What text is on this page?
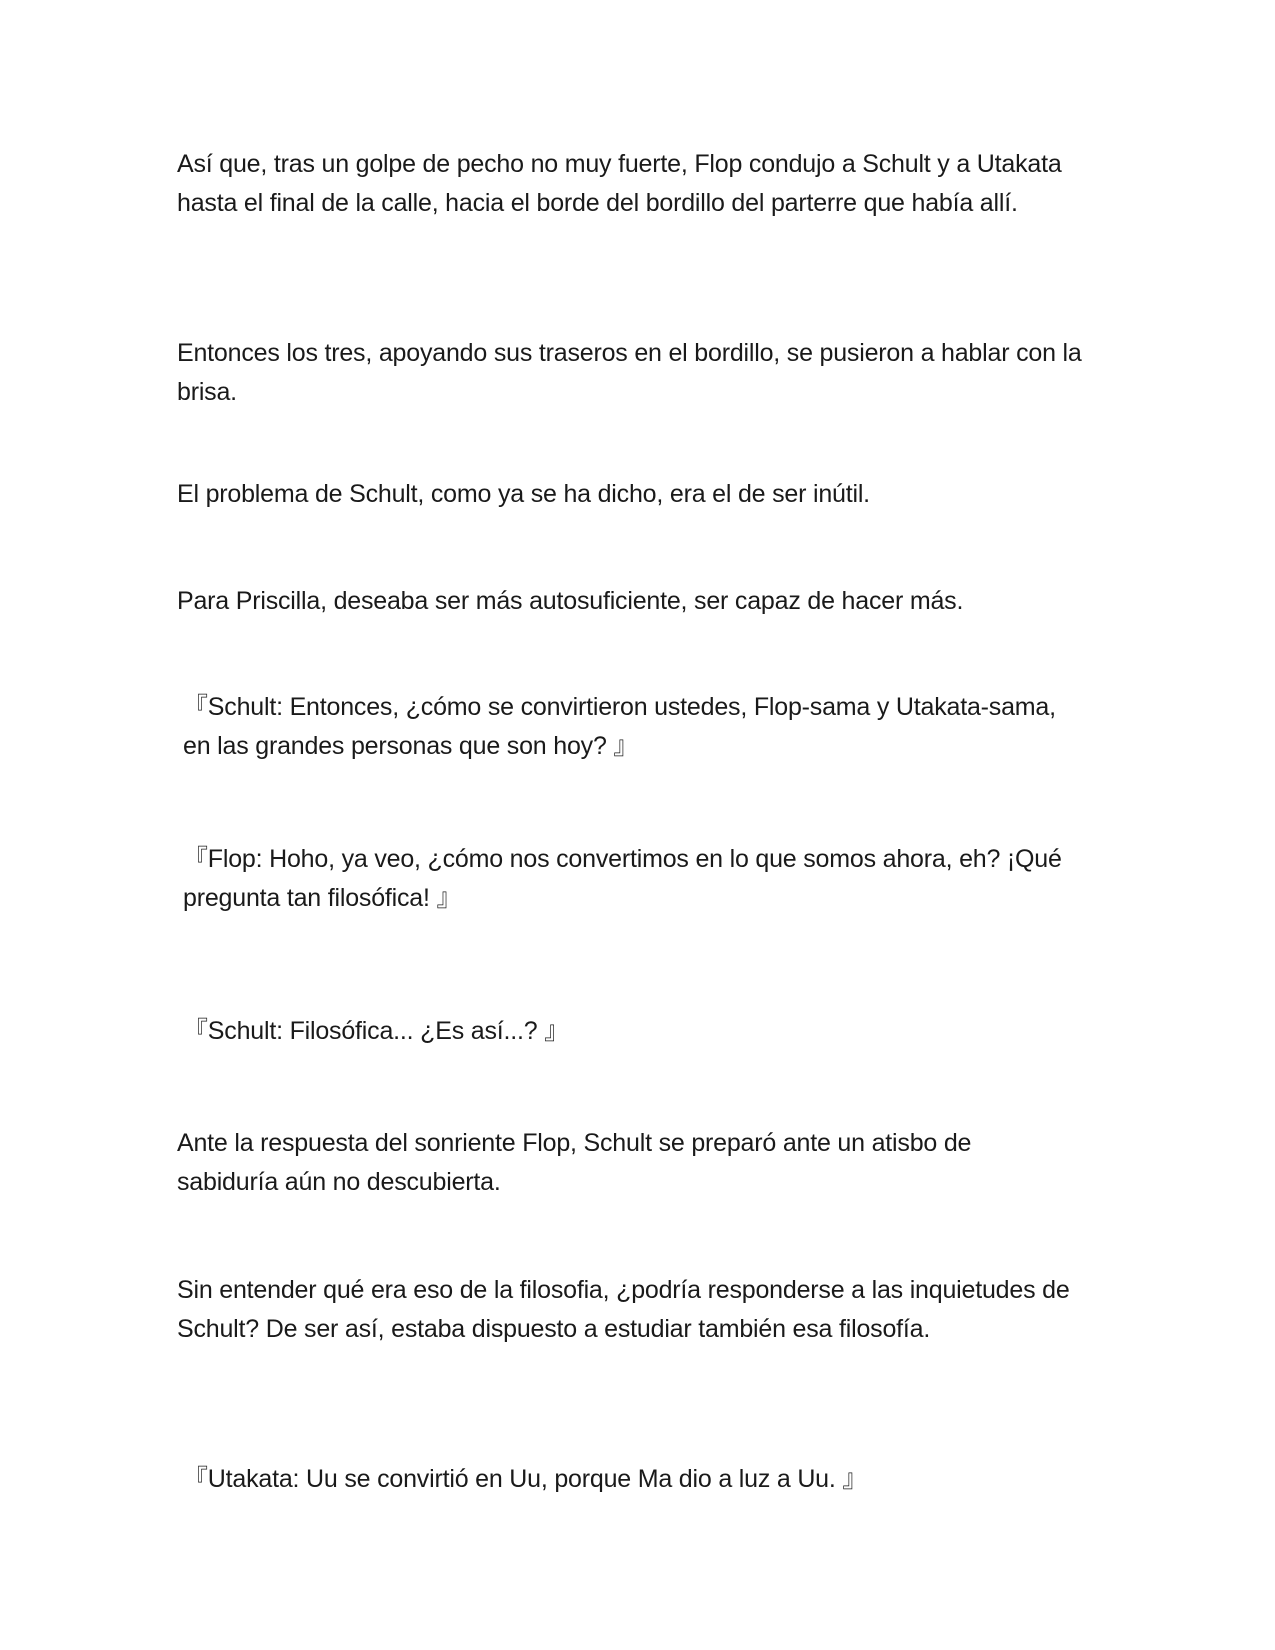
Así que, tras un golpe de pecho no muy fuerte, Flop condujo a Schult y a Utakata hasta el final de la calle, hacia el borde del bordillo del parterre que había allí.

Entonces los tres, apoyando sus traseros en el bordillo, se pusieron a hablar con la brisa.

El problema de Schult, como ya se ha dicho, era el de ser inútil.

Para Priscilla, deseaba ser más autosuficiente, ser capaz de hacer más.

『Schult: Entonces, ¿cómo se convirtieron ustedes, Flop-sama y Utakata-sama, en las grandes personas que son hoy? 』

『Flop: Hoho, ya veo, ¿cómo nos convertimos en lo que somos ahora, eh? ¡Qué pregunta tan filosófica! 』

『Schult: Filosófica... ¿Es así...? 』

Ante la respuesta del sonriente Flop, Schult se preparó ante un atisbo de sabiduría aún no descubierta.

Sin entender qué era eso de la filosofia, ¿podría responderse a las inquietudes de Schult? De ser así, estaba dispuesto a estudiar también esa filosofía.

『Utakata: Uu se convirtió en Uu, porque Ma dio a luz a Uu. 』
